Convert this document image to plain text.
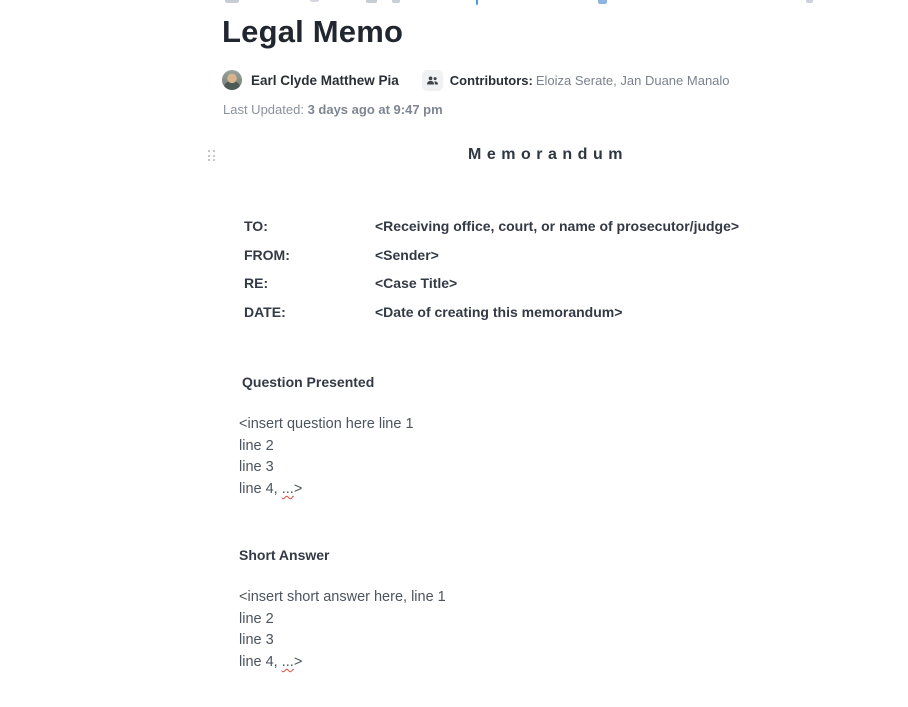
Legal Memo
Earl Clyde Matthew Pia	Contributors: Eloiza Serate, Jan Duane Manalo
Last Updated: 3 days ago at 9:47 pm
Memorandum
TO:	<Receiving office, court, or name of prosecutor/judge>
FROM:	<Sender>
RE:	<Case Title>
DATE:	<Date of creating this memorandum>
Question Presented
<insert question here line 1
line 2
line 3
line 4, ...>
Short Answer
<insert short answer here, line 1
line 2
line 3
line 4, ...>
